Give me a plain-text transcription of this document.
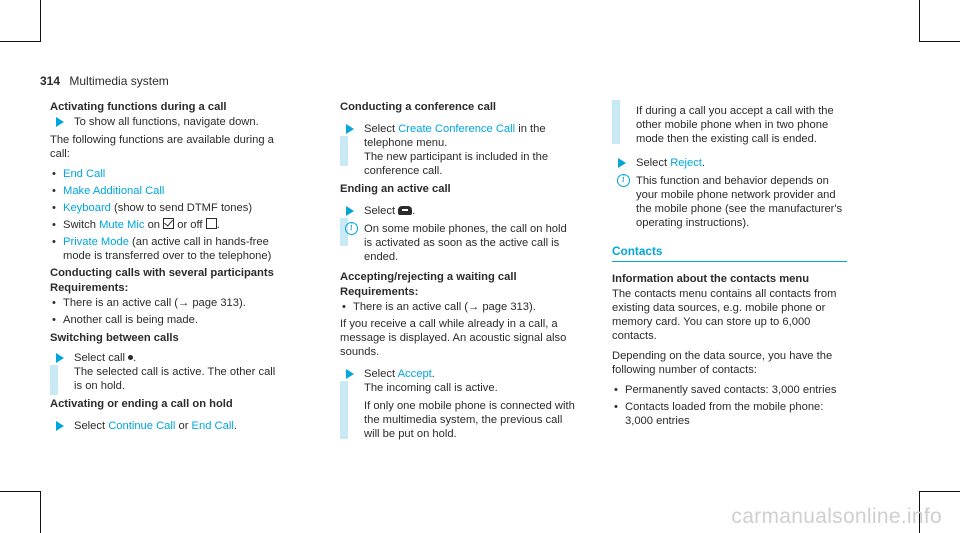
314 Multimedia system
Activating functions during a call
To show all functions, navigate down.
The following functions are available during a call:
• End Call
• Make Additional Call
• Keyboard (show to send DTMF tones)
• Switch Mute Mic on or off .
• Private Mode (an active call in hands-free mode is transferred over to the telephone)
Conducting calls with several participants
Requirements:
• There is an active call (→ page 313).
• Another call is being made.
Switching between calls
Select call .
The selected call is active. The other call is on hold.
Activating or ending a call on hold
Select Continue Call or End Call.
Conducting a conference call
Select Create Conference Call in the telephone menu.
The new participant is included in the conference call.
Ending an active call
Select .
i On some mobile phones, the call on hold is activated as soon as the active call is ended.
Accepting/rejecting a waiting call
Requirements:
• There is an active call (→ page 313).
If you receive a call while already in a call, a message is displayed. An acoustic signal also sounds.
Select Accept.
The incoming call is active.
If only one mobile phone is connected with the multimedia system, the previous call will be put on hold.
If during a call you accept a call with the other mobile phone when in two phone mode then the existing call is ended.
Select Reject.
i This function and behavior depends on your mobile phone network provider and the mobile phone (see the manufacturer's operating instructions).
Contacts
Information about the contacts menu
The contacts menu contains all contacts from existing data sources, e.g. mobile phone or memory card. You can store up to 6,000 contacts.
Depending on the data source, you have the following number of contacts:
• Permanently saved contacts: 3,000 entries
• Contacts loaded from the mobile phone: 3,000 entries
carmanualsonline.info
